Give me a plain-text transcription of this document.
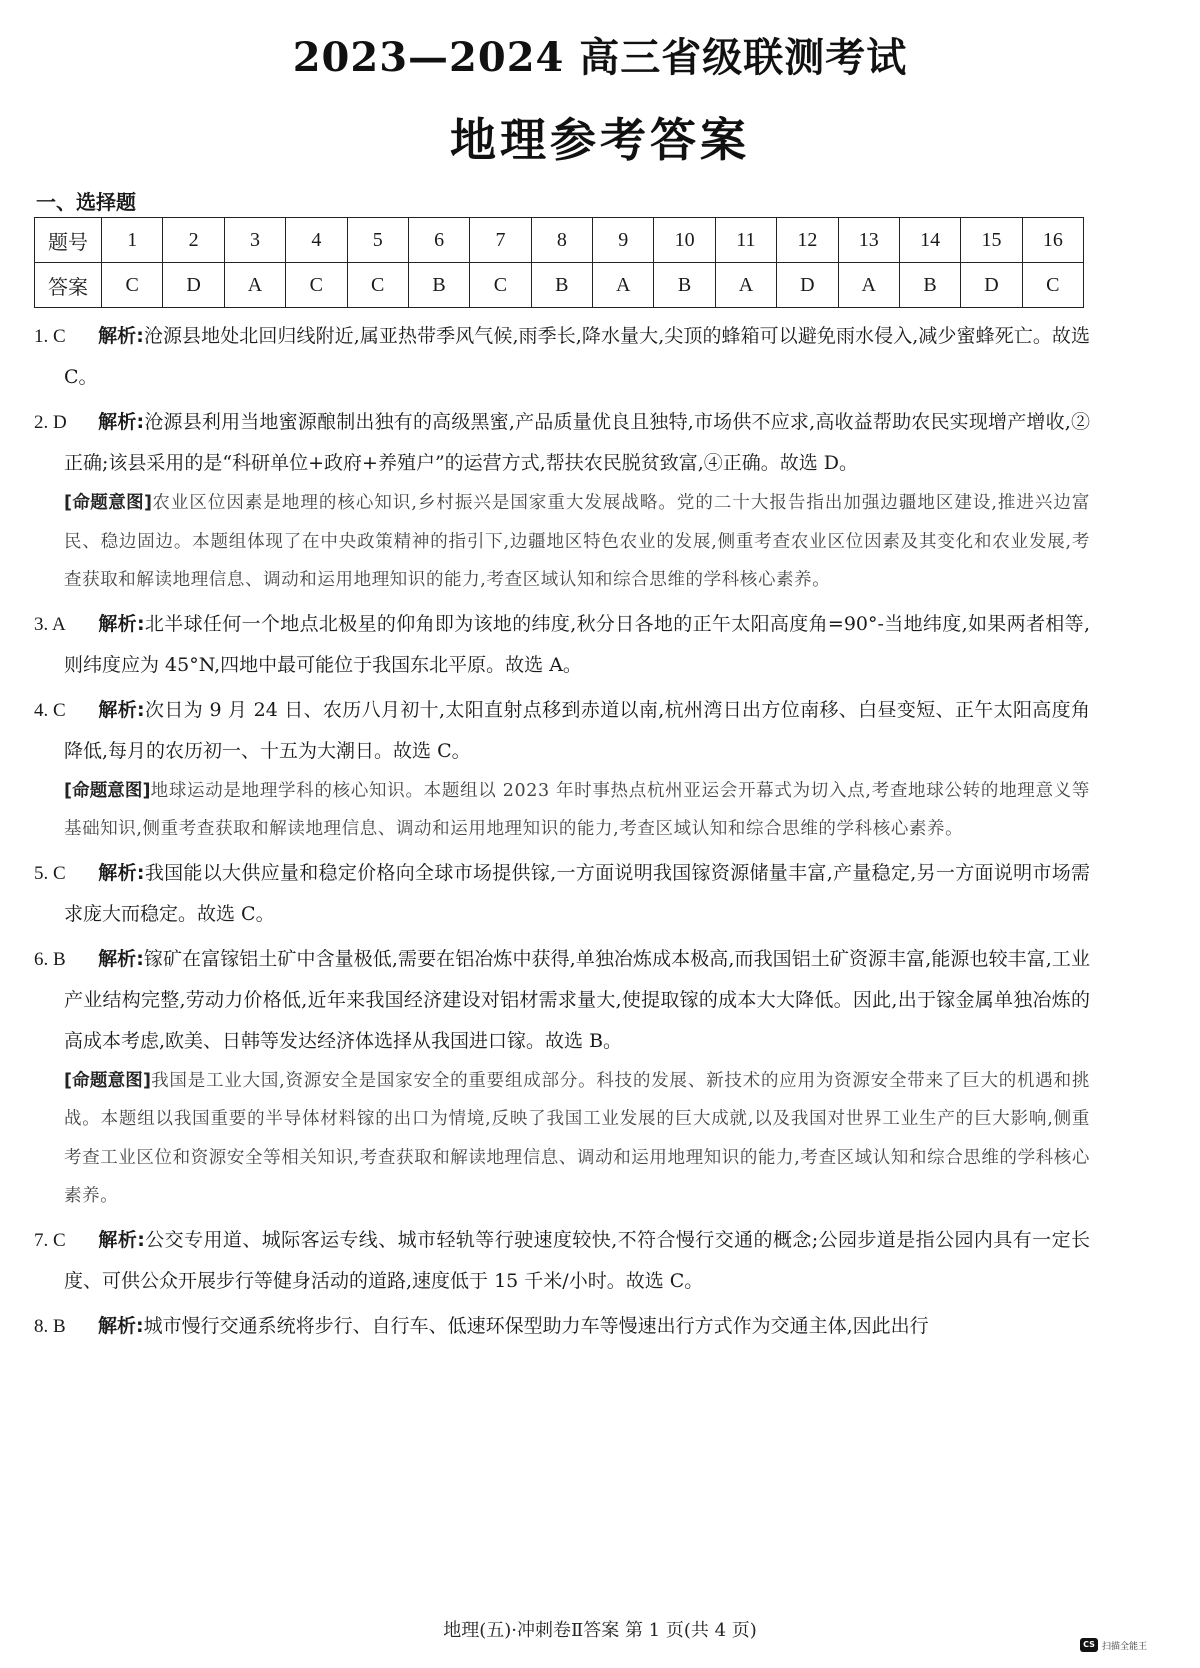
2023—2024 高三省级联测考试
地理参考答案
一、选择题
题号	1	2	3	4	5	6	7	8	9	10	11	12	13	14	15	16
答案	C	D	A	C	C	B	C	B	A	B	A	D	A	B	D	C
1. C 解析:沧源县地处北回归线附近,属亚热带季风气候,雨季长,降水量大,尖顶的蜂箱可以避免雨水侵入,减少蜜蜂死亡。故选 C。
2. D 解析:沧源县利用当地蜜源酿制出独有的高级黑蜜,产品质量优良且独特,市场供不应求,高收益帮助农民实现增产增收,②正确;该县采用的是“科研单位+政府+养殖户”的运营方式,帮扶农民脱贫致富,④正确。故选 D。
[命题意图]农业区位因素是地理的核心知识,乡村振兴是国家重大发展战略。党的二十大报告指出加强边疆地区建设,推进兴边富民、稳边固边。本题组体现了在中央政策精神的指引下,边疆地区特色农业的发展,侧重考查农业区位因素及其变化和农业发展,考查获取和解读地理信息、调动和运用地理知识的能力,考查区域认知和综合思维的学科核心素养。
3. A 解析:北半球任何一个地点北极星的仰角即为该地的纬度,秋分日各地的正午太阳高度角=90°-当地纬度,如果两者相等,则纬度应为 45°N,四地中最可能位于我国东北平原。故选 A。
4. C 解析:次日为 9 月 24 日、农历八月初十,太阳直射点移到赤道以南,杭州湾日出方位南移、白昼变短、正午太阳高度角降低,每月的农历初一、十五为大潮日。故选 C。
[命题意图]地球运动是地理学科的核心知识。本题组以 2023 年时事热点杭州亚运会开幕式为切入点,考查地球公转的地理意义等基础知识,侧重考查获取和解读地理信息、调动和运用地理知识的能力,考查区域认知和综合思维的学科核心素养。
5. C 解析:我国能以大供应量和稳定价格向全球市场提供镓,一方面说明我国镓资源储量丰富,产量稳定,另一方面说明市场需求庞大而稳定。故选 C。
6. B 解析:镓矿在富镓铝土矿中含量极低,需要在铝冶炼中获得,单独冶炼成本极高,而我国铝土矿资源丰富,能源也较丰富,工业产业结构完整,劳动力价格低,近年来我国经济建设对铝材需求量大,使提取镓的成本大大降低。因此,出于镓金属单独冶炼的高成本考虑,欧美、日韩等发达经济体选择从我国进口镓。故选 B。
[命题意图]我国是工业大国,资源安全是国家安全的重要组成部分。科技的发展、新技术的应用为资源安全带来了巨大的机遇和挑战。本题组以我国重要的半导体材料镓的出口为情境,反映了我国工业发展的巨大成就,以及我国对世界工业生产的巨大影响,侧重考查工业区位和资源安全等相关知识,考查获取和解读地理信息、调动和运用地理知识的能力,考查区域认知和综合思维的学科核心素养。
7. C 解析:公交专用道、城际客运专线、城市轻轨等行驶速度较快,不符合慢行交通的概念;公园步道是指公园内具有一定长度、可供公众开展步行等健身活动的道路,速度低于 15 千米/小时。故选 C。
8. B 解析:城市慢行交通系统将步行、自行车、低速环保型助力车等慢速出行方式作为交通主体,因此出行
地理(五)·冲刺卷Ⅱ答案 第 1 页(共 4 页)
CS 扫描全能王
